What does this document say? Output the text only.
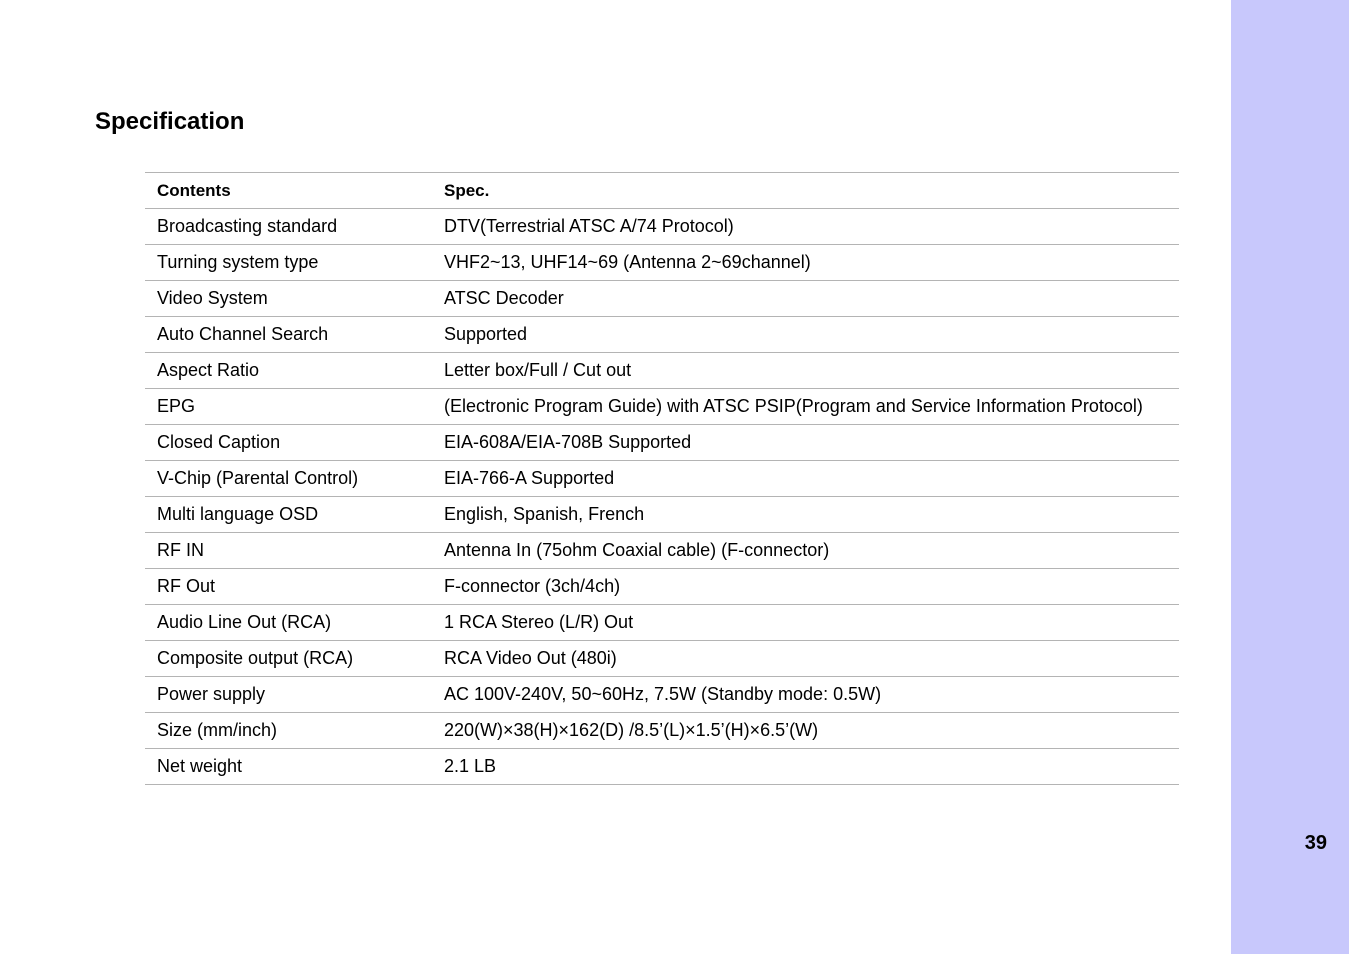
Specification
Contents	Spec.
Broadcasting standard	DTV(Terrestrial ATSC A/74 Protocol)
Turning system type	VHF2~13, UHF14~69 (Antenna 2~69channel)
Video System	ATSC Decoder
Auto Channel Search	Supported
Aspect Ratio	Letter box/Full / Cut out
EPG	(Electronic Program Guide) with ATSC PSIP(Program and Service Information Protocol)
Closed Caption	EIA-608A/EIA-708B Supported
V-Chip (Parental Control)	EIA-766-A Supported
Multi language OSD	English, Spanish, French
RF IN	Antenna In (75ohm Coaxial cable) (F-connector)
RF Out	F-connector (3ch/4ch)
Audio Line Out (RCA)	1 RCA Stereo (L/R) Out
Composite output (RCA)	RCA Video Out (480i)
Power supply	AC 100V-240V, 50~60Hz, 7.5W (Standby mode: 0.5W)
Size (mm/inch)	220(W)×38(H)×162(D) /8.5’(L)×1.5’(H)×6.5’(W)
Net weight	2.1 LB
39
